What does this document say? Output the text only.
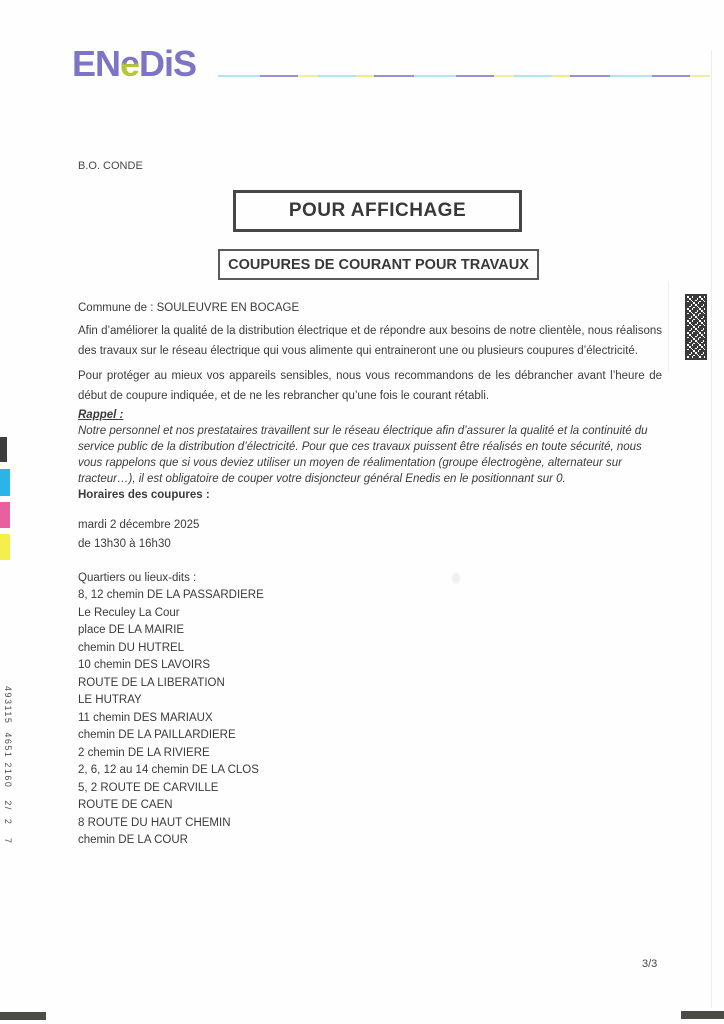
ENeDiS
B.O. CONDE
POUR AFFICHAGE
COUPURES DE COURANT POUR TRAVAUX

Commune de : SOULEUVRE EN BOCAGE

Afin d’améliorer la qualité de la distribution électrique et de répondre aux besoins de notre clientèle, nous réalisons des travaux sur le réseau électrique qui vous alimente qui entraineront une ou plusieurs coupures d’électricité.

Pour protéger au mieux vos appareils sensibles, nous vous recommandons de les débrancher avant l’heure de début de coupure indiquée, et de ne les rebrancher qu’une fois le courant rétabli.

Rappel :

Notre personnel et nos prestataires travaillent sur le réseau électrique afin d’assurer la qualité et la continuité du service public de la distribution d’électricité. Pour que ces travaux puissent être réalisés en toute sécurité, nous vous rappelons que si vous deviez utiliser un moyen de réalimentation (groupe électrogène, alternateur sur tracteur…), il est obligatoire de couper votre disjoncteur général Enedis en le positionnant sur 0.

Horaires des coupures :

mardi 2 décembre 2025

de 13h30 à 16h30

Quartiers ou lieux-dits :

8, 12 chemin DE LA PASSARDIERE
Le Reculey La Cour
place DE LA MAIRIE
chemin DU HUTREL
10 chemin DES LAVOIRS
ROUTE DE LA LIBERATION
LE HUTRAY
11 chemin DES MARIAUX
chemin DE LA PAILLARDIERE
2 chemin DE LA RIVIERE
2, 6, 12 au 14 chemin DE LA CLOS
5, 2 ROUTE DE CARVILLE
ROUTE DE CAEN
8 ROUTE DU HAUT CHEMIN
chemin DE LA COUR
493115  4651 2160   2/  2
7
3/3
